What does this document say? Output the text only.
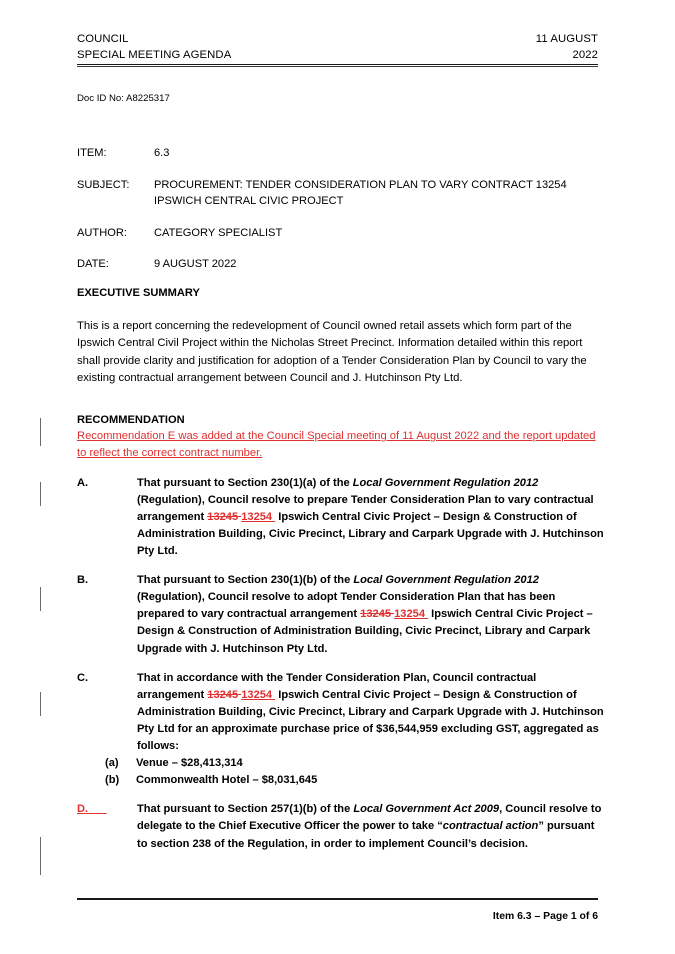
COUNCIL	11 AUGUST
SPECIAL MEETING AGENDA	2022
Doc ID No: A8225317
ITEM:	6.3
SUBJECT:	PROCUREMENT: TENDER CONSIDERATION PLAN TO VARY CONTRACT 13254
IPSWICH CENTRAL CIVIC PROJECT
AUTHOR:	CATEGORY SPECIALIST
DATE:	9 AUGUST 2022
EXECUTIVE SUMMARY
This is a report concerning the redevelopment of Council owned retail assets which form part of the Ipswich Central Civil Project within the Nicholas Street Precinct. Information detailed within this report shall provide clarity and justification for adoption of a Tender Consideration Plan by Council to vary the existing contractual arrangement between Council and J. Hutchinson Pty Ltd.
RECOMMENDATION
Recommendation E was added at the Council Special meeting of 11 August 2022 and the report updated to reflect the correct contract number.
A.	That pursuant to Section 230(1)(a) of the Local Government Regulation 2012 (Regulation), Council resolve to prepare Tender Consideration Plan to vary contractual arrangement 13245 13254  Ipswich Central Civic Project – Design & Construction of Administration Building, Civic Precinct, Library and Carpark Upgrade with J. Hutchinson Pty Ltd.
B.	That pursuant to Section 230(1)(b) of the Local Government Regulation 2012 (Regulation), Council resolve to adopt Tender Consideration Plan that has been prepared to vary contractual arrangement 13245 13254  Ipswich Central Civic Project – Design & Construction of Administration Building, Civic Precinct, Library and Carpark Upgrade with J. Hutchinson Pty Ltd.
C.	That in accordance with the Tender Consideration Plan, Council contractual arrangement 13245 13254  Ipswich Central Civic Project – Design & Construction of Administration Building, Civic Precinct, Library and Carpark Upgrade with J. Hutchinson Pty Ltd for an approximate purchase price of $36,544,959 excluding GST, aggregated as follows:
(a)	Venue – $28,413,314
(b)	Commonwealth Hotel – $8,031,645
D.	That pursuant to Section 257(1)(b) of the Local Government Act 2009, Council resolve to delegate to the Chief Executive Officer the power to take “contractual action” pursuant to section 238 of the Regulation, in order to implement Council’s decision.
Item 6.3 – Page 1 of 6
